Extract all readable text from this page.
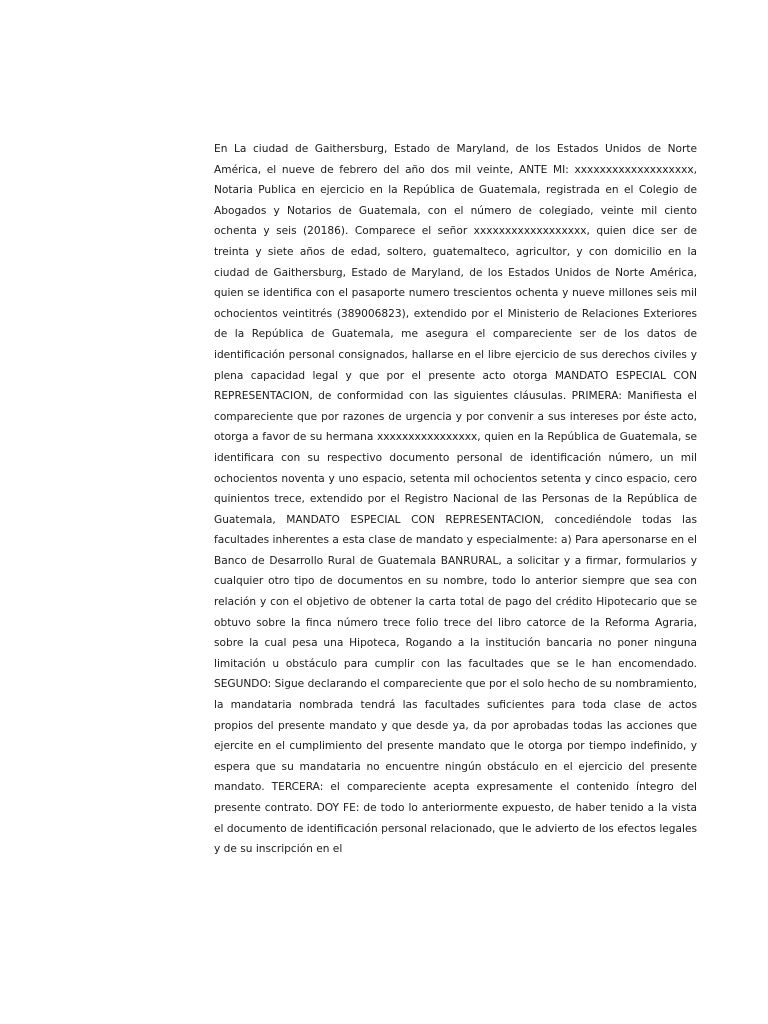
En La ciudad de Gaithersburg, Estado de Maryland, de los Estados Unidos de Norte América, el nueve de febrero del año dos mil veinte, ANTE MI: xxxxxxxxxxxxxxxxxxx, Notaria Publica en ejercicio en la República de Guatemala, registrada en el Colegio de Abogados y Notarios de Guatemala, con el número de colegiado, veinte mil ciento ochenta y seis (20186). Comparece el señor xxxxxxxxxxxxxxxxxx, quien dice ser de treinta y siete años de edad, soltero, guatemalteco, agricultor, y con domicilio en la ciudad de Gaithersburg, Estado de Maryland, de los Estados Unidos de Norte América, quien se identifica con el pasaporte numero trescientos ochenta y nueve millones seis mil ochocientos veintitrés (389006823), extendido por el Ministerio de Relaciones Exteriores de la República de Guatemala, me asegura el compareciente ser de los datos de identificación personal consignados, hallarse en el libre ejercicio de sus derechos civiles y plena capacidad legal y que por el presente acto otorga MANDATO ESPECIAL CON REPRESENTACION, de conformidad con las siguientes cláusulas. PRIMERA: Manifiesta el compareciente que por razones de urgencia y por convenir a sus intereses por éste acto, otorga a favor de su hermana xxxxxxxxxxxxxxxx, quien en la República de Guatemala, se identificara con su respectivo documento personal de identificación número, un mil ochocientos noventa y uno espacio, setenta mil ochocientos setenta y cinco espacio, cero quinientos trece, extendido por el Registro Nacional de las Personas de la República de Guatemala, MANDATO ESPECIAL CON REPRESENTACION, concediéndole todas las facultades inherentes a esta clase de mandato y especialmente: a) Para apersonarse en el Banco de Desarrollo Rural de Guatemala BANRURAL, a solicitar y a firmar, formularios y cualquier otro tipo de documentos en su nombre, todo lo anterior siempre que sea con relación y con el objetivo de obtener la carta total de pago del crédito Hipotecario que se obtuvo sobre la finca número trece folio trece del libro catorce de la Reforma Agraria, sobre la cual pesa una Hipoteca, Rogando a la institución bancaria no poner ninguna limitación u obstáculo para cumplir con las facultades que se le han encomendado. SEGUNDO: Sigue declarando el compareciente que por el solo hecho de su nombramiento, la mandataria nombrada tendrá las facultades suficientes para toda clase de actos propios del presente mandato y que desde ya, da por aprobadas todas las acciones que ejercite en el cumplimiento del presente mandato que le otorga por tiempo indefinido, y espera que su mandataria no encuentre ningún obstáculo en el ejercicio del presente mandato. TERCERA: el compareciente acepta expresamente el contenido íntegro del presente contrato. DOY FE: de todo lo anteriormente expuesto, de haber tenido a la vista el documento de identificación personal relacionado, que le advierto de los efectos legales y de su inscripción en el
